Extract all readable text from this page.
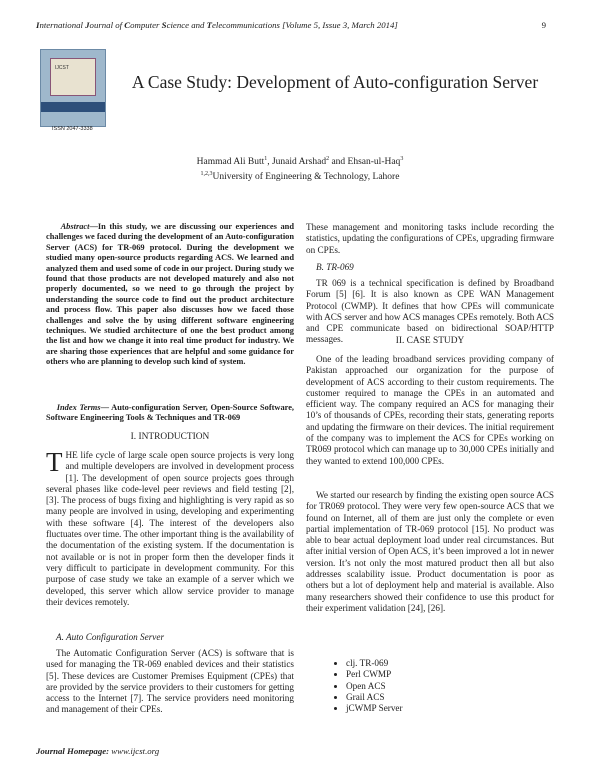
International Journal of Computer Science and Telecommunications [Volume 5, Issue 3, March 2014]	9
IJCST
ISSN 2047-3338
A Case Study: Development of Auto-configuration Server
Hammad Ali Butt$^1$, Junaid Arshad$^2$ and Ehsan-ul-Haq$^3$
$^{1,2,3}$University of Engineering & Technology, Lahore

Abstract—In this study, we are discussing our experiences and challenges we faced during the development of an Auto-configuration Server (ACS) for TR-069 protocol. During the development we studied many open-source products regarding ACS. We learned and analyzed them and used some of code in our project. During study we found that those products are not developed maturely and also not properly documented, so we need to go through the project by understanding the source code to find out the product architecture and process flow. This paper also discusses how we faced those challenges and solve the by using different software engineering techniques. We studied architecture of one the best product among the list and how we change it into real time product for industry. We are sharing those experiences that are helpful and some guidance for others who are planning to develop such kind of system.

Index Terms— Auto-configuration Server, Open-Source Software, Software Engineering Tools & Techniques and TR-069

I. INTRODUCTION
THE life cycle of large scale open source projects is very long and multiple developers are involved in development process [1]. The development of open source projects goes through several phases like code-level peer reviews and field testing [2], [3]. The process of bugs fixing and highlighting is very rapid as so many people are involved in using, developing and experimenting with these software [4]. The interest of the developers also fluctuates over time. The other important thing is the availability of the documentation of the existing system. If the documentation is not available or is not in proper form then the developer finds it very difficult to participate in development community. For this purpose of case study we take an example of a server which we developed, this server which allow service provider to manage their devices remotely.
A. Auto Configuration Server
The Automatic Configuration Server (ACS) is software that is used for managing the TR-069 enabled devices and their statistics [5]. These devices are Customer Premises Equipment (CPEs) that are provided by the service providers to their customers for getting access to the Internet [7]. The service providers need monitoring and management of their CPEs.
These management and monitoring tasks include recording the statistics, updating the configurations of CPEs, upgrading firmware on CPEs.
B. TR-069
TR 069 is a technical specification is defined by Broadband Forum [5] [6]. It is also known as CPE WAN Management Protocol (CWMP). It defines that how CPEs will communicate with ACS server and how ACS manages CPEs remotely. Both ACS and CPE communicate based on bidirectional SOAP/HTTP messages.	II. CASE STUDY
One of the leading broadband services providing company of Pakistan approached our organization for the purpose of development of ACS according to their custom requirements. The customer required to manage the CPEs in an automated and efficient way. The company required an ACS for managing their 10’s of thousands of CPEs, recording their stats, generating reports and updating the firmware on their devices. The initial requirement of the company was to implement the ACS for CPEs working on TR069 protocol which can manage up to 30,000 CPEs initially and they wanted to extend 100,000 CPEs.
We started our research by finding the existing open source ACS for TR069 protocol. They were very few open-source ACS that we found on Internet, all of them are just only the complete or even partial implementation of TR-069 protocol [15]. No product was able to bear actual deployment load under real circumstances. But after initial version of Open ACS, it’s been improved a lot in newer version. It’s not only the most matured product then all but also addresses scalability issue. Product documentation is poor as others but a lot of deployment help and material is available. Also many researchers showed their confidence to use this product for their experiment validation [24], [26].
• clj. TR-069
• Perl CWMP
• Open ACS
• Grail ACS
• jCWMP Server
Journal Homepage: www.ijcst.org
